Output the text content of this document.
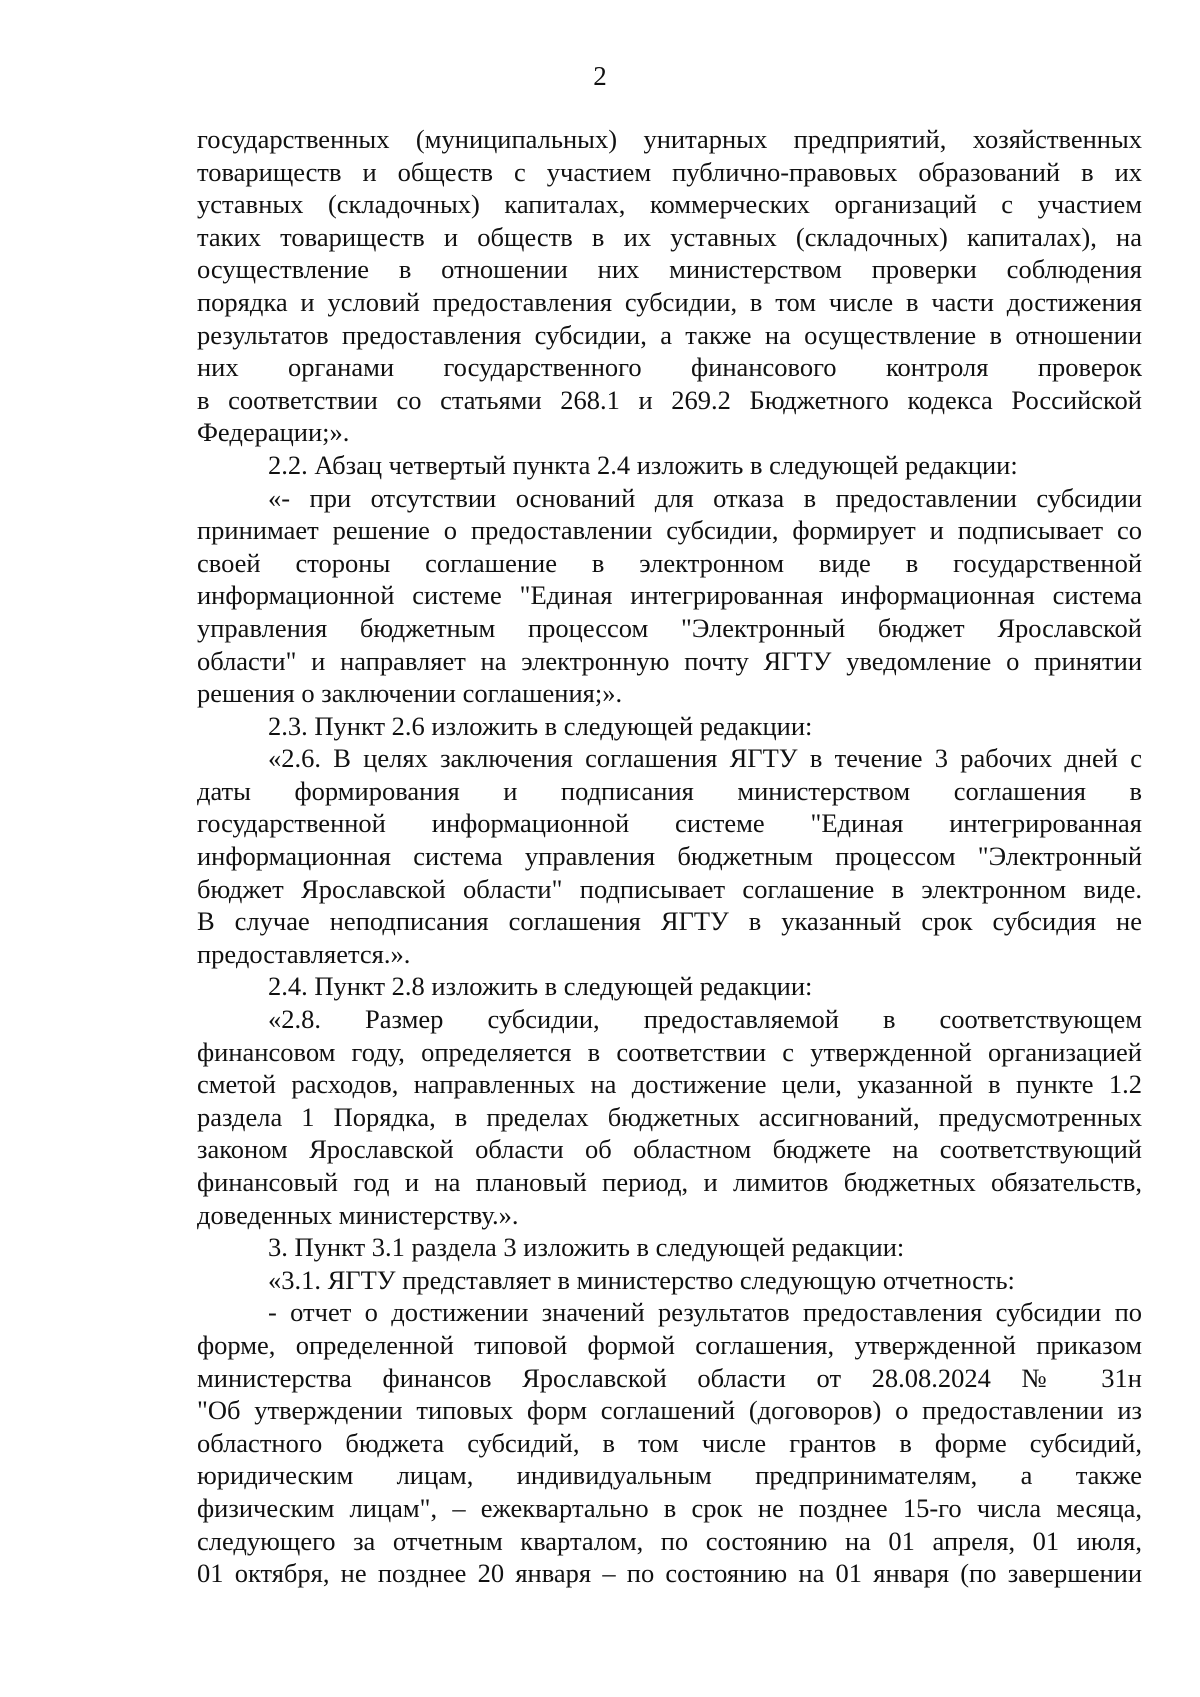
2
государственных (муниципальных) унитарных предприятий, хозяйственных
товариществ и обществ с участием публично-правовых образований в их
уставных (складочных) капиталах, коммерческих организаций с участием
таких товариществ и обществ в их уставных (складочных) капиталах), на
осуществление в отношении них министерством проверки соблюдения
порядка и условий предоставления субсидии, в том числе в части достижения
результатов предоставления субсидии, а также на осуществление в отношении
них органами государственного финансового контроля проверок
в соответствии со статьями 268.1 и 269.2 Бюджетного кодекса Российской
Федерации;».
2.2. Абзац четвертый пункта 2.4 изложить в следующей редакции:
«- при отсутствии оснований для отказа в предоставлении субсидии
принимает решение о предоставлении субсидии, формирует и подписывает со
своей стороны соглашение в электронном виде в государственной
информационной системе "Единая интегрированная информационная система
управления бюджетным процессом "Электронный бюджет Ярославской
области" и направляет на электронную почту ЯГТУ уведомление о принятии
решения о заключении соглашения;».
2.3. Пункт 2.6 изложить в следующей редакции:
«2.6. В целях заключения соглашения ЯГТУ в течение 3 рабочих дней с
даты формирования и подписания министерством соглашения в
государственной информационной системе "Единая интегрированная
информационная система управления бюджетным процессом "Электронный
бюджет Ярославской области" подписывает соглашение в электронном виде.
В случае неподписания соглашения ЯГТУ в указанный срок субсидия не
предоставляется.».
2.4. Пункт 2.8 изложить в следующей редакции:
«2.8. Размер субсидии, предоставляемой в соответствующем
финансовом году, определяется в соответствии с утвержденной организацией
сметой расходов, направленных на достижение цели, указанной в пункте 1.2
раздела 1 Порядка, в пределах бюджетных ассигнований, предусмотренных
законом Ярославской области об областном бюджете на соответствующий
финансовый год и на плановый период, и лимитов бюджетных обязательств,
доведенных министерству.».
3. Пункт 3.1 раздела 3 изложить в следующей редакции:
«3.1. ЯГТУ представляет в министерство следующую отчетность:
- отчет о достижении значений результатов предоставления субсидии по
форме, определенной типовой формой соглашения, утвержденной приказом
министерства финансов Ярославской области от 28.08.2024 № 31н
"Об утверждении типовых форм соглашений (договоров) о предоставлении из
областного бюджета субсидий, в том числе грантов в форме субсидий,
юридическим лицам, индивидуальным предпринимателям, а также
физическим лицам", – ежеквартально в срок не позднее 15-го числа месяца,
следующего за отчетным кварталом, по состоянию на 01 апреля, 01 июля,
01 октября, не позднее 20 января – по состоянию на 01 января (по завершении
